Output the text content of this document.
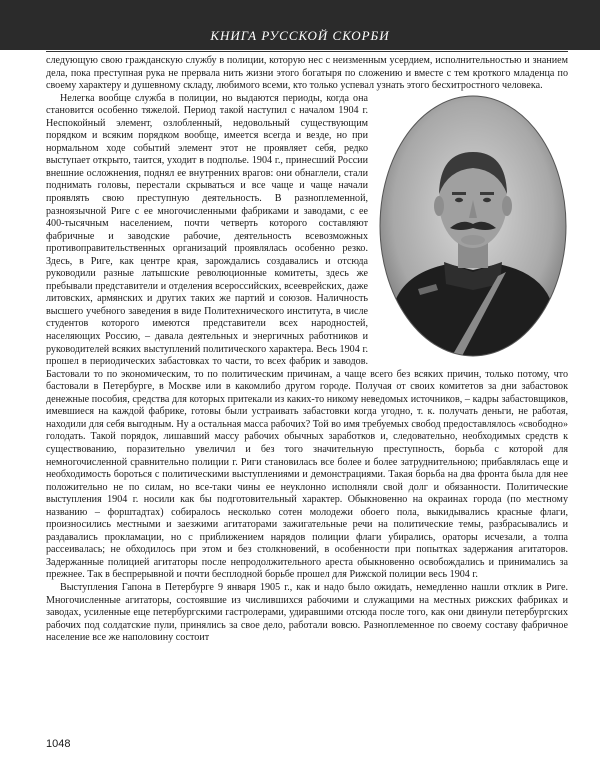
КНИГА РУССКОЙ СКОРБИ

следующую свою гражданскую службу в полиции, которую нес с неизменным усердием, исполнительностью и знанием дела, пока преступная рука не прервала нить жизни этого богатыря по сложению и вместе с тем кроткого младенца по своему характеру и душевному складу, любимого всеми, кто только успевал узнать этого бесхитростного человека.

Нелегка вообще служба в полиции, но выдаются периоды, когда она становится особенно тяжелой. Период такой наступил с началом 1904 г. Неспокойный элемент, озлобленный, недовольный существующим порядком и всяким порядком вообще, имеется всегда и везде, но при нормальном ходе событий элемент этот не проявляет себя, редко выступает открыто, таится, уходит в подполье. 1904 г., принесший России внешние осложнения, поднял ее внутренних врагов: они обнаглели, стали поднимать головы, перестали скрываться и все чаще и чаще начали проявлять свою преступную деятельность. В разноплеменной, разноязычной Риге с ее многочисленными фабриками и заводами, с ее 400-тысячным населением, почти четверть которого составляют фабричные и заводские рабочие, деятельность всевозможных противоправительственных организаций проявлялась особенно резко. Здесь, в Риге, как центре края, зарождались создавались и отсюда руководили разные латышские революционные комитеты, здесь же пребывали представители и отделения всероссийских, всееврейских, даже литовских, армянских и других таких же партий и союзов. Наличность высшего учебного заведения в виде Политехнического института, в числе студентов которого имеются представители всех народностей, населяющих Россию, – давала деятельных и энергичных работников и руководителей всяких выступлений политического характера. Весь 1904 г. прошел в периодических забастовках то части, то всех фабрик и заводов. Бастовали то по экономическим, то по политическим причинам, а чаще всего без всяких причин, только потому, что бастовали в Петербурге, в Москве или в какомлибо другом городе. Получая от своих комитетов за дни забастовок денежные пособия, средства для которых притекали из каких-то никому неведомых источников, – кадры забастовщиков, имевшиеся на каждой фабрике, готовы были устраивать забастовки когда угодно, т. к. получать деньги, не работая, находили для себя выгодным. Ну а остальная масса рабочих? Той во имя требуемых свобод предоставлялось «свободно» голодать. Такой порядок, лишавший массу рабочих обычных заработков и, следовательно, необходимых средств к существованию, поразительно увеличил и без того значительную преступность, борьба с которой для немногочисленной сравнительно полиции г. Риги становилась все более и более затруднительною; прибавлялась еще и необходимость бороться с политическими выступлениями и демонстрациями. Такая борьба на два фронта была для нее положительно не по силам, но все-таки чины ее неуклонно исполняли свой долг и обязанности. Политические выступления 1904 г. носили как бы подготовительный характер. Обыкновенно на окраинах города (по местному названию – форштадтах) собиралось несколько сотен молодежи обоего пола, выкидывались красные флаги, произносились местными и заезжими агитаторами зажигательные речи на политические темы, разбрасывались и раздавались прокламации, но с приближением нарядов полиции флаги убирались, ораторы исчезали, а толпа рассеивалась; не обходилось при этом и без столкновений, в особенности при попытках задержания агитаторов. Задержанные полицией агитаторы после непродолжительного ареста обыкновенно освобождались и принимались за прежнее. Так в беспрерывной и почти бесплодной борьбе прошел для Рижской полиции весь 1904 г.

Выступления Гапона в Петербурге 9 января 1905 г., как и надо было ожидать, немедленно нашли отклик в Риге. Многочисленные агитаторы, состоявшие из числившихся рабочими и служащими на местных рижских фабриках и заводах, усиленные еще петербургскими гастролерами, удиравшими отсюда после того, как они двинули петербургских рабочих под солдатские пули, принялись за свое дело, работали вовсю. Разноплеменное по своему составу фабричное население все же наполовину состоит

1048
